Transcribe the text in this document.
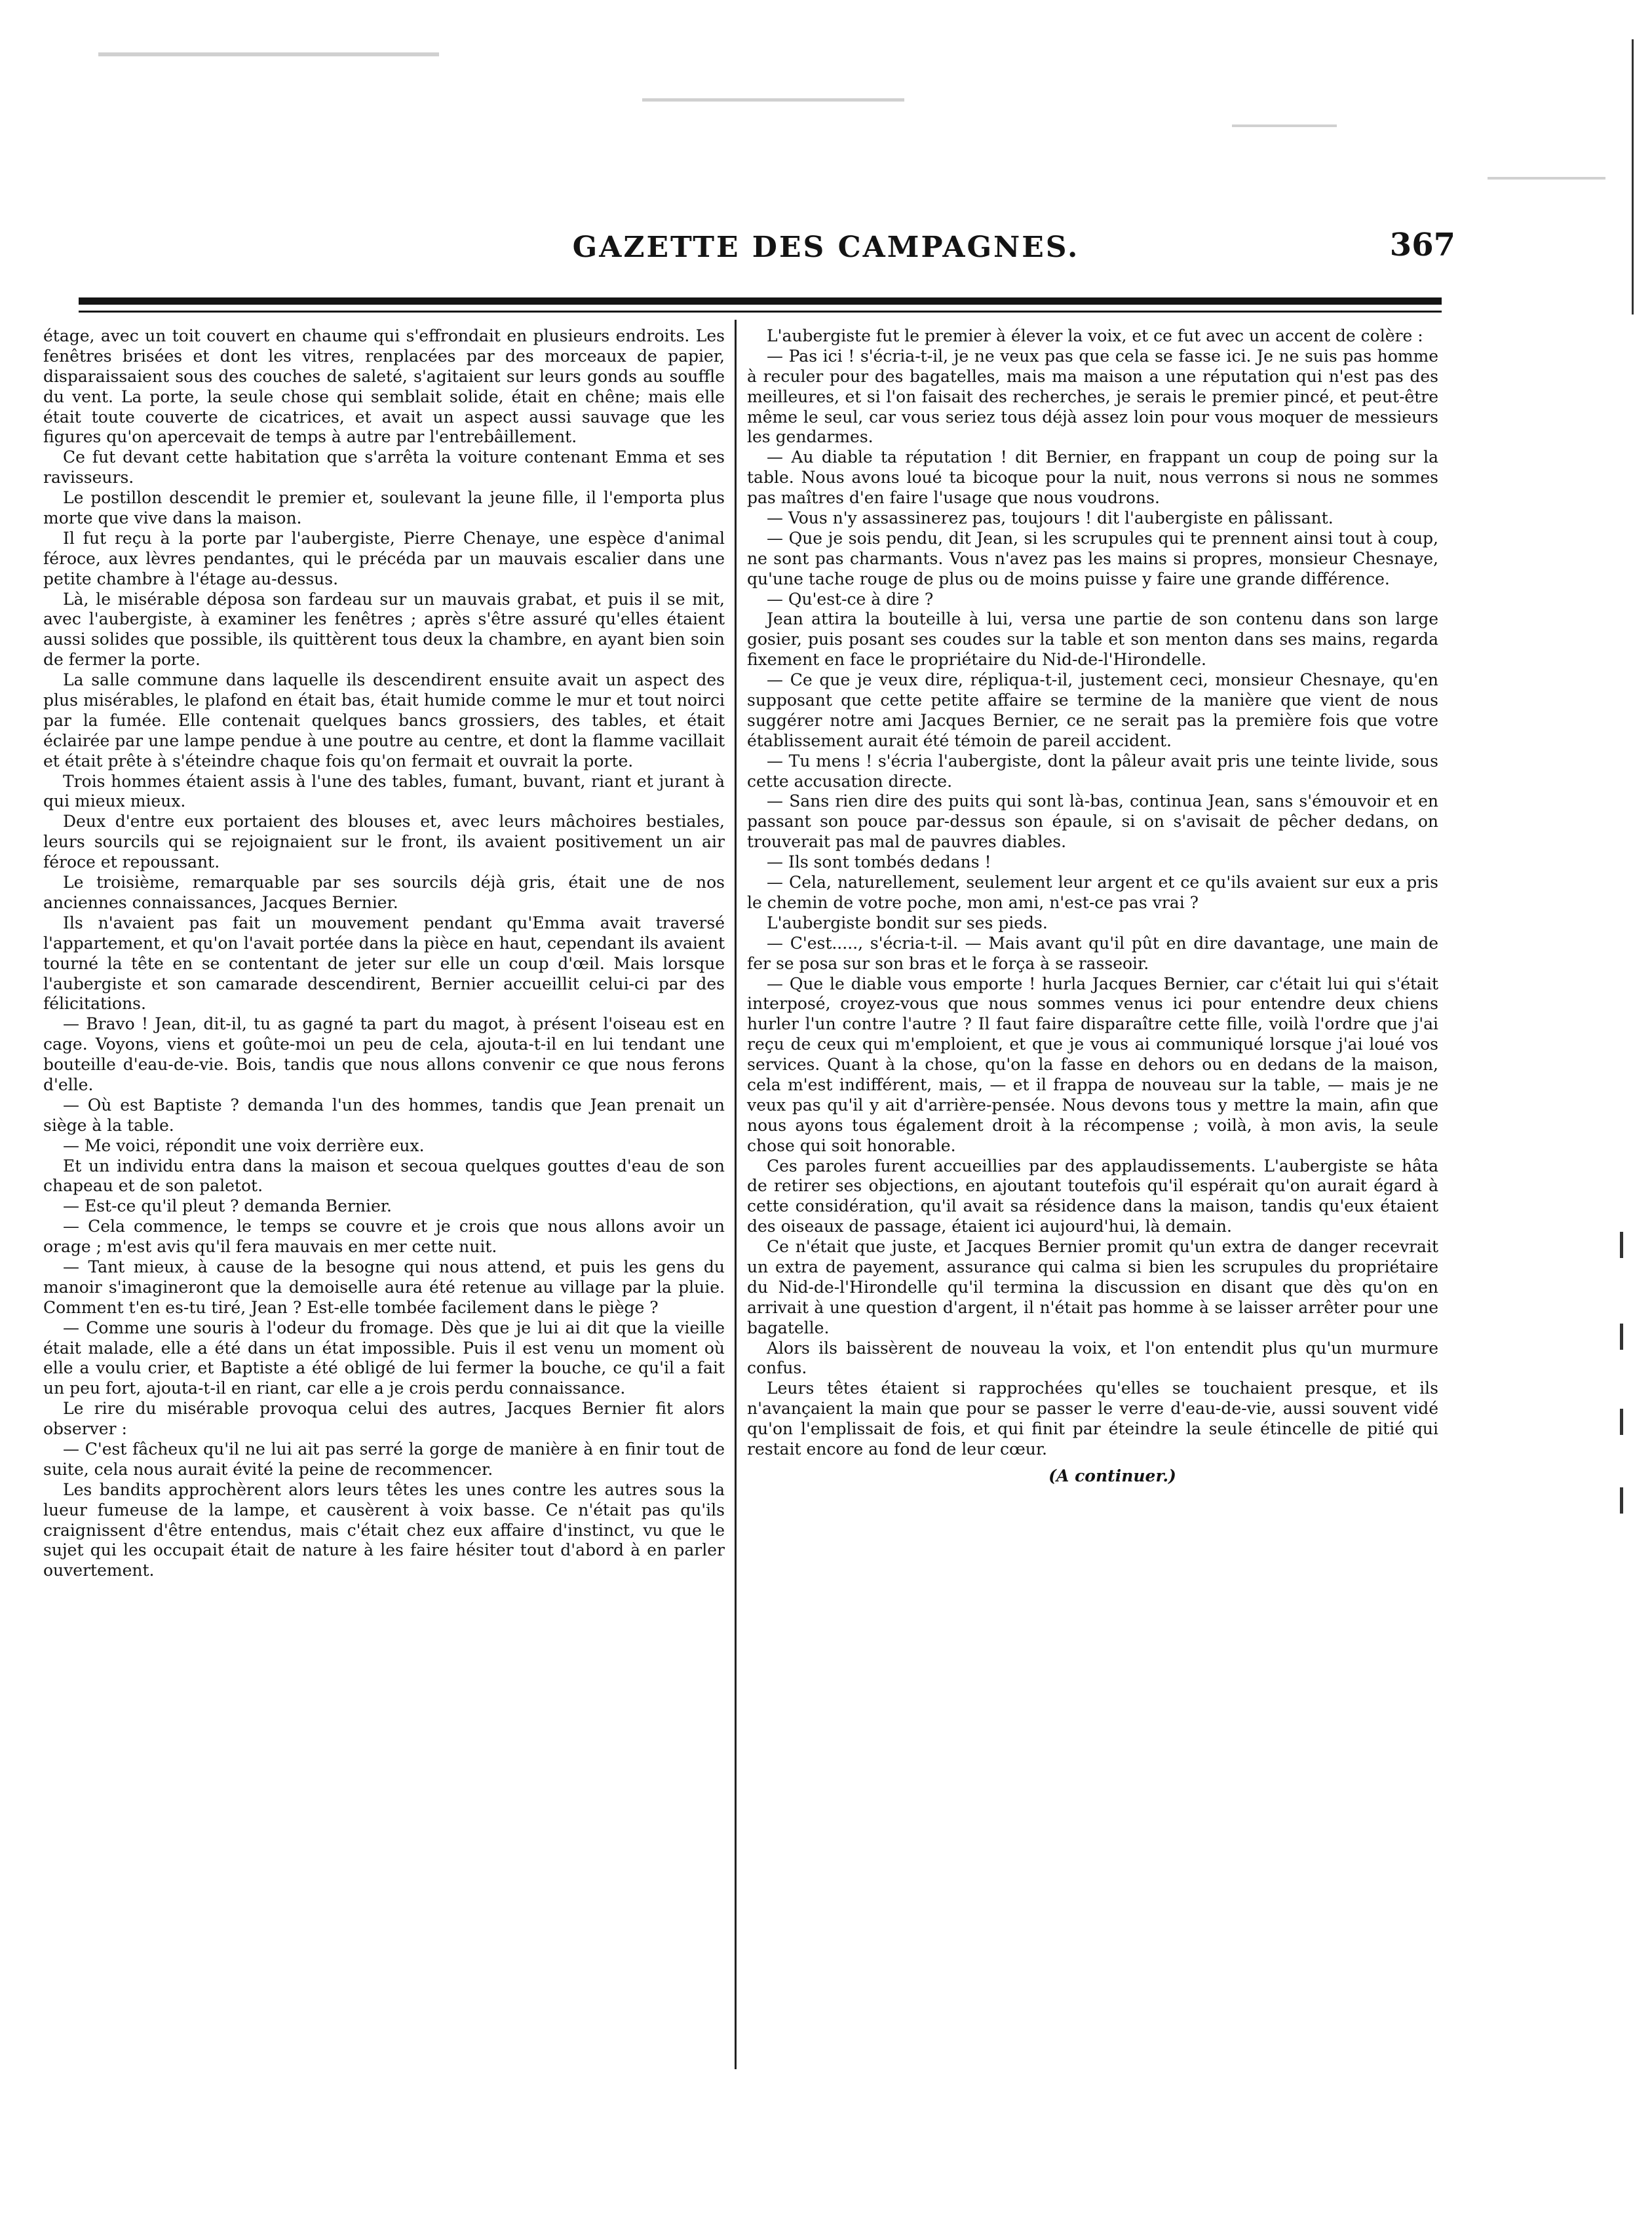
GAZETTE DES CAMPAGNES.	367

étage, avec un toit couvert en chaume qui s'effrondait en plusieurs endroits. Les fenêtres brisées et dont les vitres, renplacées par des morceaux de papier, disparaissaient sous des couches de saleté, s'agitaient sur leurs gonds au souffle du vent. La porte, la seule chose qui semblait solide, était en chêne; mais elle était toute couverte de cicatrices, et avait un aspect aussi sauvage que les figures qu'on apercevait de temps à autre par l'entrebâillement.

Ce fut devant cette habitation que s'arrêta la voiture contenant Emma et ses ravisseurs.

Le postillon descendit le premier et, soulevant la jeune fille, il l'emporta plus morte que vive dans la maison.

Il fut reçu à la porte par l'aubergiste, Pierre Chenaye, une espèce d'animal féroce, aux lèvres pendantes, qui le précéda par un mauvais escalier dans une petite chambre à l'étage au-dessus.

Là, le misérable déposa son fardeau sur un mauvais grabat, et puis il se mit, avec l'aubergiste, à examiner les fenêtres ; après s'être assuré qu'elles étaient aussi solides que possible, ils quittèrent tous deux la chambre, en ayant bien soin de fermer la porte.

La salle commune dans laquelle ils descendirent ensuite avait un aspect des plus misérables, le plafond en était bas, était humide comme le mur et tout noirci par la fumée. Elle contenait quelques bancs grossiers, des tables, et était éclairée par une lampe pendue à une poutre au centre, et dont la flamme vacillait et était prête à s'éteindre chaque fois qu'on fermait et ouvrait la porte.

Trois hommes étaient assis à l'une des tables, fumant, buvant, riant et jurant à qui mieux mieux.

Deux d'entre eux portaient des blouses et, avec leurs mâchoires bestiales, leurs sourcils qui se rejoignaient sur le front, ils avaient positivement un air féroce et repoussant.

Le troisième, remarquable par ses sourcils déjà gris, était une de nos anciennes connaissances, Jacques Bernier.

Ils n'avaient pas fait un mouvement pendant qu'Emma avait traversé l'appartement, et qu'on l'avait portée dans la pièce en haut, cependant ils avaient tourné la tête en se contentant de jeter sur elle un coup d'œil. Mais lorsque l'aubergiste et son camarade descendirent, Bernier accueillit celui-ci par des félicitations.

— Bravo ! Jean, dit-il, tu as gagné ta part du magot, à présent l'oiseau est en cage. Voyons, viens et goûte-moi un peu de cela, ajouta-t-il en lui tendant une bouteille d'eau-de-vie. Bois, tandis que nous allons convenir ce que nous ferons d'elle.

— Où est Baptiste ? demanda l'un des hommes, tandis que Jean prenait un siège à la table.

— Me voici, répondit une voix derrière eux.

Et un individu entra dans la maison et secoua quelques gouttes d'eau de son chapeau et de son paletot.

— Est-ce qu'il pleut ? demanda Bernier.

— Cela commence, le temps se couvre et je crois que nous allons avoir un orage ; m'est avis qu'il fera mauvais en mer cette nuit.

— Tant mieux, à cause de la besogne qui nous attend, et puis les gens du manoir s'imagineront que la demoiselle aura été retenue au village par la pluie. Comment t'en es-tu tiré, Jean ? Est-elle tombée facilement dans le piège ?

— Comme une souris à l'odeur du fromage. Dès que je lui ai dit que la vieille était malade, elle a été dans un état impossible. Puis il est venu un moment où elle a voulu crier, et Baptiste a été obligé de lui fermer la bouche, ce qu'il a fait un peu fort, ajouta-t-il en riant, car elle a je crois perdu connaissance.

Le rire du misérable provoqua celui des autres, Jacques Bernier fit alors observer :

— C'est fâcheux qu'il ne lui ait pas serré la gorge de manière à en finir tout de suite, cela nous aurait évité la peine de recommencer.

Les bandits approchèrent alors leurs têtes les unes contre les autres sous la lueur fumeuse de la lampe, et causèrent à voix basse. Ce n'était pas qu'ils craignissent d'être entendus, mais c'était chez eux affaire d'instinct, vu que le sujet qui les occupait était de nature à les faire hésiter tout d'abord à en parler ouvertement.

L'aubergiste fut le premier à élever la voix, et ce fut avec un accent de colère :

— Pas ici ! s'écria-t-il, je ne veux pas que cela se fasse ici. Je ne suis pas homme à reculer pour des bagatelles, mais ma maison a une réputation qui n'est pas des meilleures, et si l'on faisait des recherches, je serais le premier pincé, et peut-être même le seul, car vous seriez tous déjà assez loin pour vous moquer de messieurs les gendarmes.

— Au diable ta réputation ! dit Bernier, en frappant un coup de poing sur la table. Nous avons loué ta bicoque pour la nuit, nous verrons si nous ne sommes pas maîtres d'en faire l'usage que nous voudrons.

— Vous n'y assassinerez pas, toujours ! dit l'aubergiste en pâlissant.

— Que je sois pendu, dit Jean, si les scrupules qui te prennent ainsi tout à coup, ne sont pas charmants. Vous n'avez pas les mains si propres, monsieur Chesnaye, qu'une tache rouge de plus ou de moins puisse y faire une grande différence.

— Qu'est-ce à dire ?

Jean attira la bouteille à lui, versa une partie de son contenu dans son large gosier, puis posant ses coudes sur la table et son menton dans ses mains, regarda fixement en face le propriétaire du Nid-de-l'Hirondelle.

— Ce que je veux dire, répliqua-t-il, justement ceci, monsieur Chesnaye, qu'en supposant que cette petite affaire se termine de la manière que vient de nous suggérer notre ami Jacques Bernier, ce ne serait pas la première fois que votre établissement aurait été témoin de pareil accident.

— Tu mens ! s'écria l'aubergiste, dont la pâleur avait pris une teinte livide, sous cette accusation directe.

— Sans rien dire des puits qui sont là-bas, continua Jean, sans s'émouvoir et en passant son pouce par-dessus son épaule, si on s'avisait de pêcher dedans, on trouverait pas mal de pauvres diables.

— Ils sont tombés dedans !

— Cela, naturellement, seulement leur argent et ce qu'ils avaient sur eux a pris le chemin de votre poche, mon ami, n'est-ce pas vrai ?

L'aubergiste bondit sur ses pieds.

— C'est....., s'écria-t-il. — Mais avant qu'il pût en dire davantage, une main de fer se posa sur son bras et le força à se rasseoir.

— Que le diable vous emporte ! hurla Jacques Bernier, car c'était lui qui s'était interposé, croyez-vous que nous sommes venus ici pour entendre deux chiens hurler l'un contre l'autre ? Il faut faire disparaître cette fille, voilà l'ordre que j'ai reçu de ceux qui m'emploient, et que je vous ai communiqué lorsque j'ai loué vos services. Quant à la chose, qu'on la fasse en dehors ou en dedans de la maison, cela m'est indifférent, mais, — et il frappa de nouveau sur la table, — mais je ne veux pas qu'il y ait d'arrière-pensée. Nous devons tous y mettre la main, afin que nous ayons tous également droit à la récompense ; voilà, à mon avis, la seule chose qui soit honorable.

Ces paroles furent accueillies par des applaudissements. L'aubergiste se hâta de retirer ses objections, en ajoutant toutefois qu'il espérait qu'on aurait égard à cette considération, qu'il avait sa résidence dans la maison, tandis qu'eux étaient des oiseaux de passage, étaient ici aujourd'hui, là demain.

Ce n'était que juste, et Jacques Bernier promit qu'un extra de danger recevrait un extra de payement, assurance qui calma si bien les scrupules du propriétaire du Nid-de-l'Hirondelle qu'il termina la discussion en disant que dès qu'on en arrivait à une question d'argent, il n'était pas homme à se laisser arrêter pour une bagatelle.

Alors ils baissèrent de nouveau la voix, et l'on entendit plus qu'un murmure confus.

Leurs têtes étaient si rapprochées qu'elles se touchaient presque, et ils n'avançaient la main que pour se passer le verre d'eau-de-vie, aussi souvent vidé qu'on l'emplissait de fois, et qui finit par éteindre la seule étincelle de pitié qui restait encore au fond de leur cœur.

(A continuer.)
